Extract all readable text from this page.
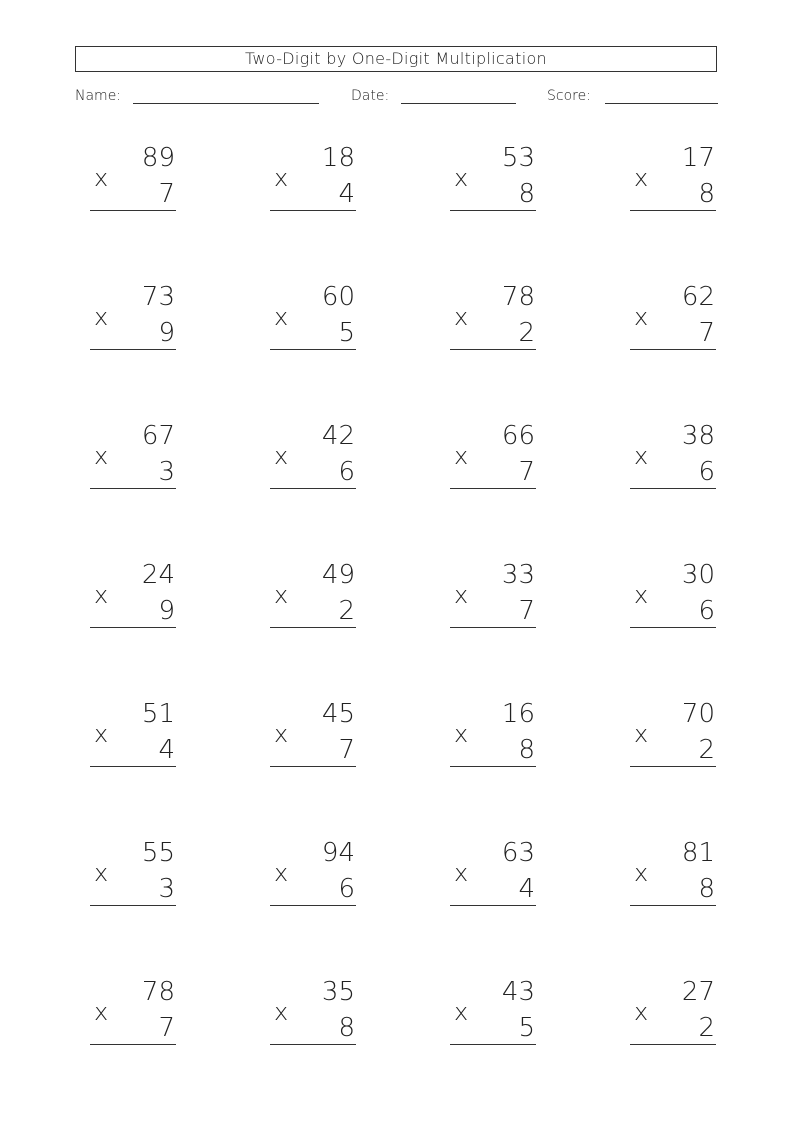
Two-Digit by One-Digit Multiplication
Name:	Date:	Score:
89
x
7
18
x
4
53
x
8
17
x
8
73
x
9
60
x
5
78
x
2
62
x
7
67
x
3
42
x
6
66
x
7
38
x
6
24
x
9
49
x
2
33
x
7
30
x
6
51
x
4
45
x
7
16
x
8
70
x
2
55
x
3
94
x
6
63
x
4
81
x
8
78
x
7
35
x
8
43
x
5
27
x
2
